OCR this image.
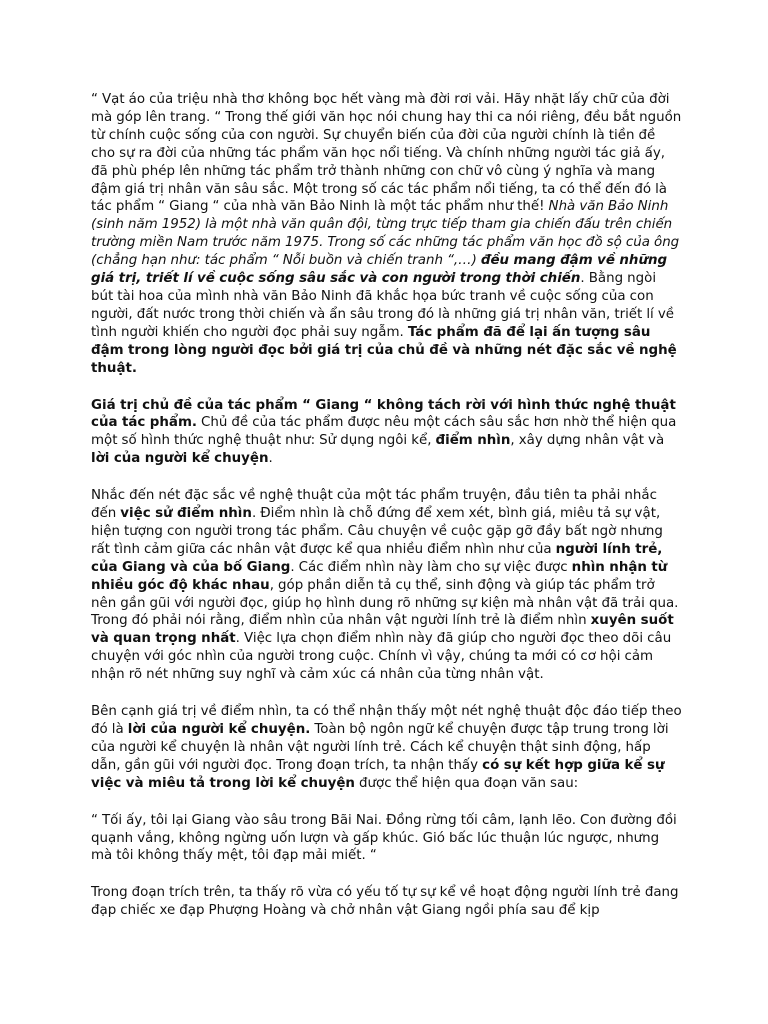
“ Vạt áo của triệu nhà thơ không bọc hết vàng mà đời rơi vải. Hãy nhặt lấy chữ của đời mà góp lên trang. “ Trong thế giới văn học nói chung hay thi ca nói riêng, đều bắt nguồn từ chính cuộc sống của con người. Sự chuyển biến của đời của người chính là tiền đề cho sự ra đời của những tác phẩm văn học nổi tiếng. Và chính những người tác giả ấy, đã phù phép lên những tác phẩm trở thành những con chữ vô cùng ý nghĩa và mang đậm giá trị nhân văn sâu sắc. Một trong số các tác phẩm nổi tiếng, ta có thể đến đó là tác phẩm “ Giang “ của nhà văn Bảo Ninh là một tác phẩm như thế! Nhà văn Bảo Ninh (sinh năm 1952) là một nhà văn quân đội, từng trực tiếp tham gia chiến đấu trên chiến trường miền Nam trước năm 1975. Trong số các những tác phẩm văn học đồ sộ của ông (chẳng hạn như: tác phẩm “ Nỗi buồn và chiến tranh “,…) đều mang đậm về những giá trị, triết lí về cuộc sống sâu sắc và con người trong thời chiến. Bằng ngòi bút tài hoa của mình nhà văn Bảo Ninh đã khắc họa bức tranh về cuộc sống của con người, đất nước trong thời chiến và ẩn sâu trong đó là những giá trị nhân văn, triết lí về tình người khiến cho người đọc phải suy ngẫm. Tác phẩm đã để lại ấn tượng sâu đậm trong lòng người đọc bởi giá trị của chủ đề và những nét đặc sắc về nghệ thuật.

Giá trị chủ đề của tác phẩm “ Giang “ không tách rời với hình thức nghệ thuật của tác phẩm. Chủ đề của tác phẩm được nêu một cách sâu sắc hơn nhờ thể hiện qua một số hình thức nghệ thuật như: Sử dụng ngôi kể, điểm nhìn, xây dựng nhân vật và lời của người kể chuyện.

Nhắc đến nét đặc sắc về nghệ thuật của một tác phẩm truyện, đầu tiên ta phải nhắc đến việc sử điểm nhìn. Điểm nhìn là chỗ đứng để xem xét, bình giá, miêu tả sự vật, hiện tượng con người trong tác phẩm. Câu chuyện về cuộc gặp gỡ đầy bất ngờ nhưng rất tình cảm giữa các nhân vật được kể qua nhiều điểm nhìn như của người lính trẻ, của Giang và của bố Giang. Các điểm nhìn này làm cho sự việc được nhìn nhận từ nhiều góc độ khác nhau, góp phần diễn tả cụ thể, sinh động và giúp tác phẩm trở nên gần gũi với người đọc, giúp họ hình dung rõ những sự kiện mà nhân vật đã trải qua. Trong đó phải nói rằng, điểm nhìn của nhân vật người lính trẻ là điểm nhìn xuyên suốt và quan trọng nhất. Việc lựa chọn điểm nhìn này đã giúp cho người đọc theo dõi câu chuyện với góc nhìn của người trong cuộc. Chính vì vậy, chúng ta mới có cơ hội cảm nhận rõ nét những suy nghĩ và cảm xúc cá nhân của từng nhân vật.

Bên cạnh giá trị về điểm nhìn, ta có thể nhận thấy một nét nghệ thuật độc đáo tiếp theo đó là lời của người kể chuyện. Toàn bộ ngôn ngữ kể chuyện được tập trung trong lời của người kể chuyện là nhân vật người lính trẻ. Cách kể chuyện thật sinh động, hấp dẫn, gần gũi với người đọc. Trong đoạn trích, ta nhận thấy có sự kết hợp giữa kể sự việc và miêu tả trong lời kể chuyện được thể hiện qua đoạn văn sau:

“ Tối ấy, tôi lại Giang vào sâu trong Bãi Nai. Đồng rừng tối câm, lạnh lẽo. Con đường đồi quạnh vắng, không ngừng uốn lượn và gấp khúc. Gió bấc lúc thuận lúc ngược, nhưng mà tôi không thấy mệt, tôi đạp mải miết. “

Trong đoạn trích trên, ta thấy rõ vừa có yếu tố tự sự kể về hoạt động người lính trẻ đang đạp chiếc xe đạp Phượng Hoàng và chở nhân vật Giang ngồi phía sau để kịp
